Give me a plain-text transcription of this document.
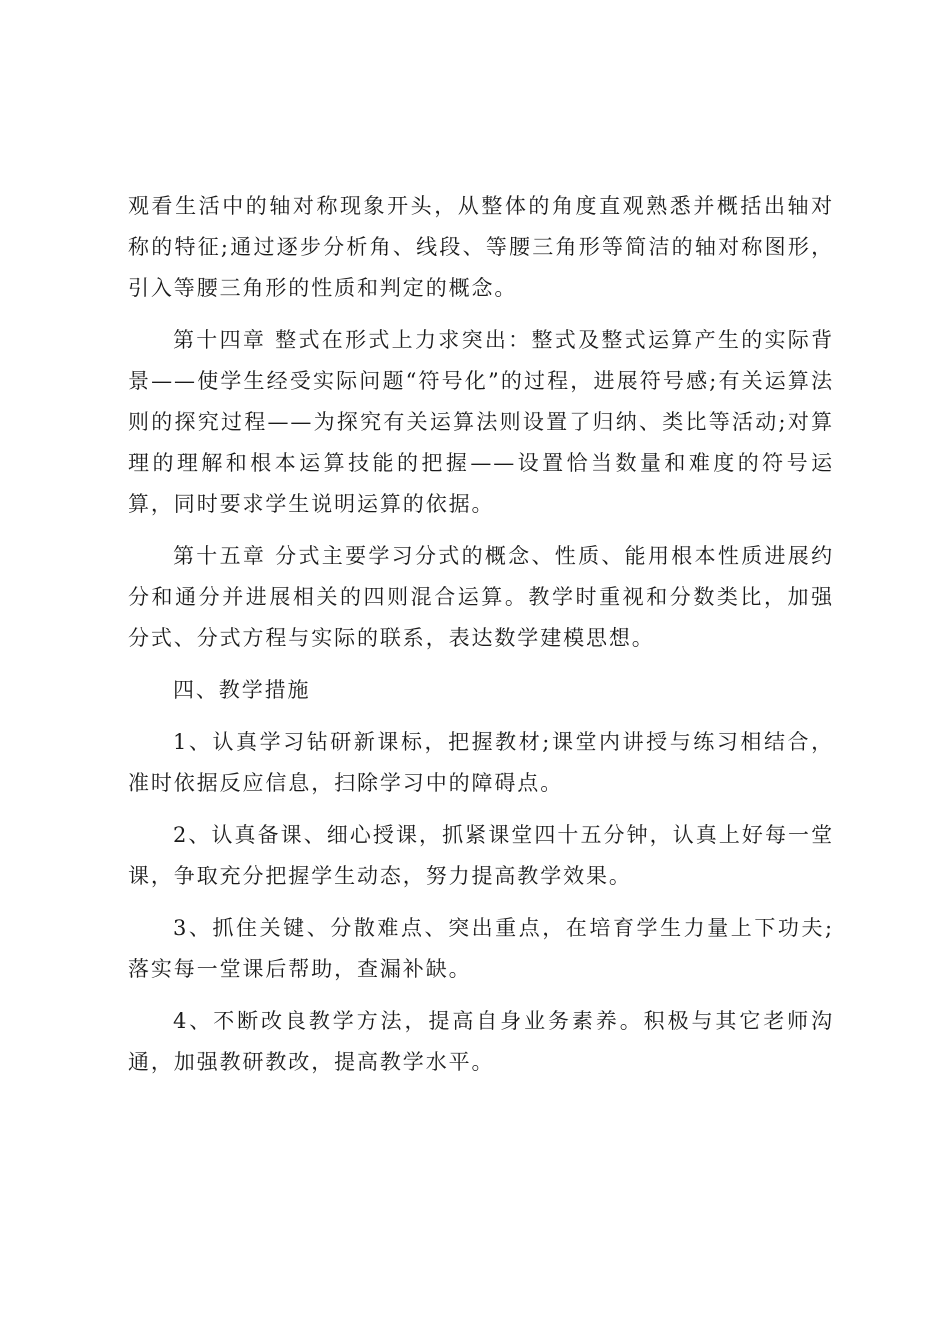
观看生活中的轴对称现象开头，从整体的角度直观熟悉并概括出轴对称的特征;通过逐步分析角、线段、等腰三角形等简洁的轴对称图形，引入等腰三角形的性质和判定的概念。

第十四章 整式在形式上力求突出：整式及整式运算产生的实际背景——使学生经受实际问题“符号化”的过程，进展符号感;有关运算法则的探究过程——为探究有关运算法则设置了归纳、类比等活动;对算理的理解和根本运算技能的把握——设置恰当数量和难度的符号运算，同时要求学生说明运算的依据。

第十五章 分式主要学习分式的概念、性质、能用根本性质进展约分和通分并进展相关的四则混合运算。教学时重视和分数类比，加强分式、分式方程与实际的联系，表达数学建模思想。

四、教学措施

1、认真学习钻研新课标，把握教材;课堂内讲授与练习相结合，准时依据反应信息，扫除学习中的障碍点。

2、认真备课、细心授课，抓紧课堂四十五分钟，认真上好每一堂课，争取充分把握学生动态，努力提高教学效果。

3、抓住关键、分散难点、突出重点，在培育学生力量上下功夫;落实每一堂课后帮助，查漏补缺。

4、不断改良教学方法，提高自身业务素养。积极与其它老师沟通，加强教研教改，提高教学水平。
